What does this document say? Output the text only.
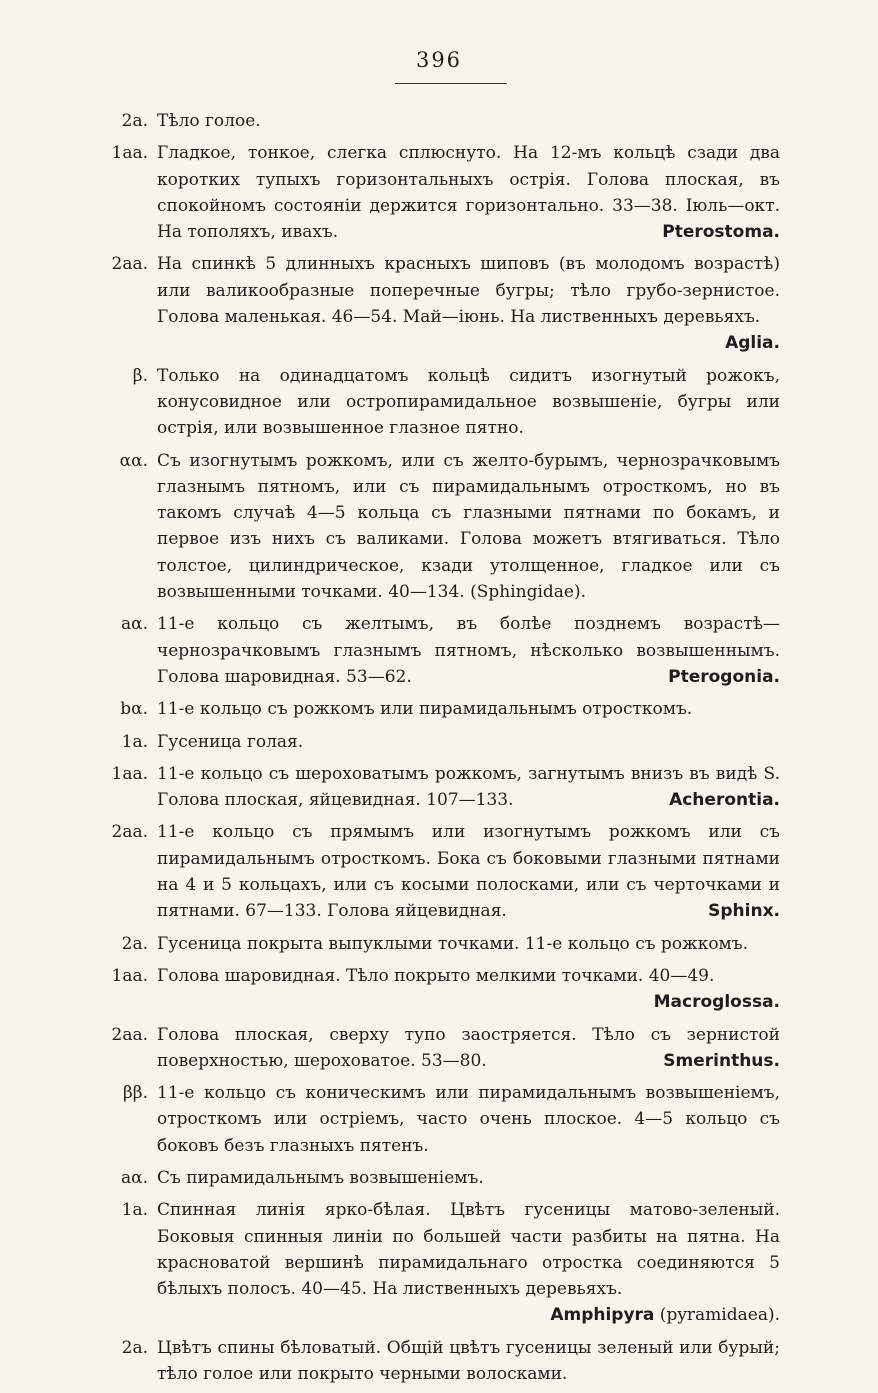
396
2а. Тѣло голое.
1аа. Гладкое, тонкое, слегка сплюснуто. На 12-мъ кольцѣ сзади два коротких тупыхъ горизонтальныхъ острія. Голова плоская, въ спокойномъ состояніи держится горизонтально. 33—38. Іюль—окт. На тополяхъ, ивахъ.	Pterostoma.
2аа. На спинкѣ 5 длинныхъ красныхъ шиповъ (въ молодомъ возрастѣ) или валикообразные поперечные бугры; тѣло грубо-зернистое. Голова маленькая. 46—54. Май—іюнь. На лиственныхъ деревьяхъ.
Aglia.
β. Только на одинадцатомъ кольцѣ сидитъ изогнутый рожокъ, конусовидное или остропирамидальное возвышеніе, бугры или острія, или возвышенное глазное пятно.
αα. Съ изогнутымъ рожкомъ, или съ желто-бурымъ, чернозрачковымъ глазнымъ пятномъ, или съ пирамидальнымъ отросткомъ, но въ такомъ случаѣ 4—5 кольца съ глазными пятнами по бокамъ, и первое изъ нихъ съ валиками. Голова можетъ втягиваться. Тѣло толстое, цилиндрическое, кзади утолщенное, гладкое или съ возвышенными точками. 40—134. (Sphingidae).
aα. 11-е кольцо съ желтымъ, въ болѣе позднемъ возрастѣ—чернозрачковымъ глазнымъ пятномъ, нѣсколько возвышеннымъ. Голова шаровидная. 53—62.	Pterogonia.
bα. 11-е кольцо съ рожкомъ или пирамидальнымъ отросткомъ.
1а. Гусеница голая.
1аа. 11-е кольцо съ шероховатымъ рожкомъ, загнутымъ внизъ въ видѣ S. Голова плоская, яйцевидная. 107—133.	Acherontia.
2аа. 11-е кольцо съ прямымъ или изогнутымъ рожкомъ или съ пирамидальнымъ отросткомъ. Бока съ боковыми глазными пятнами на 4 и 5 кольцахъ, или съ косыми полосками, или съ черточками и пятнами. 67—133. Голова яйцевидная.	Sphinx.
2а. Гусеница покрыта выпуклыми точками. 11-е кольцо съ рожкомъ.
1аа. Голова шаровидная. Тѣло покрыто мелкими точками. 40—49.
Macroglossa.
2аа. Голова плоская, сверху тупо заостряется. Тѣло съ зернистой поверхностью, шероховатое. 53—80.	Smerinthus.
ββ. 11-е кольцо съ коническимъ или пирамидальнымъ возвышеніемъ, отросткомъ или остріемъ, часто очень плоское. 4—5 кольцо съ боковъ безъ глазныхъ пятенъ.
аα. Съ пирамидальнымъ возвышеніемъ.
1а. Спинная линія ярко-бѣлая. Цвѣтъ гусеницы матово-зеленый. Боковыя спинныя линіи по большей части разбиты на пятна. На красноватой вершинѣ пирамидальнаго отростка соединяются 5 бѣлыхъ полосъ. 40—45. На лиственныхъ деревьяхъ.
Amphipyra (pyramidaea).
2а. Цвѣтъ спины бѣловатый. Общій цвѣтъ гусеницы зеленый или бурый; тѣло голое или покрыто черными волосками.
